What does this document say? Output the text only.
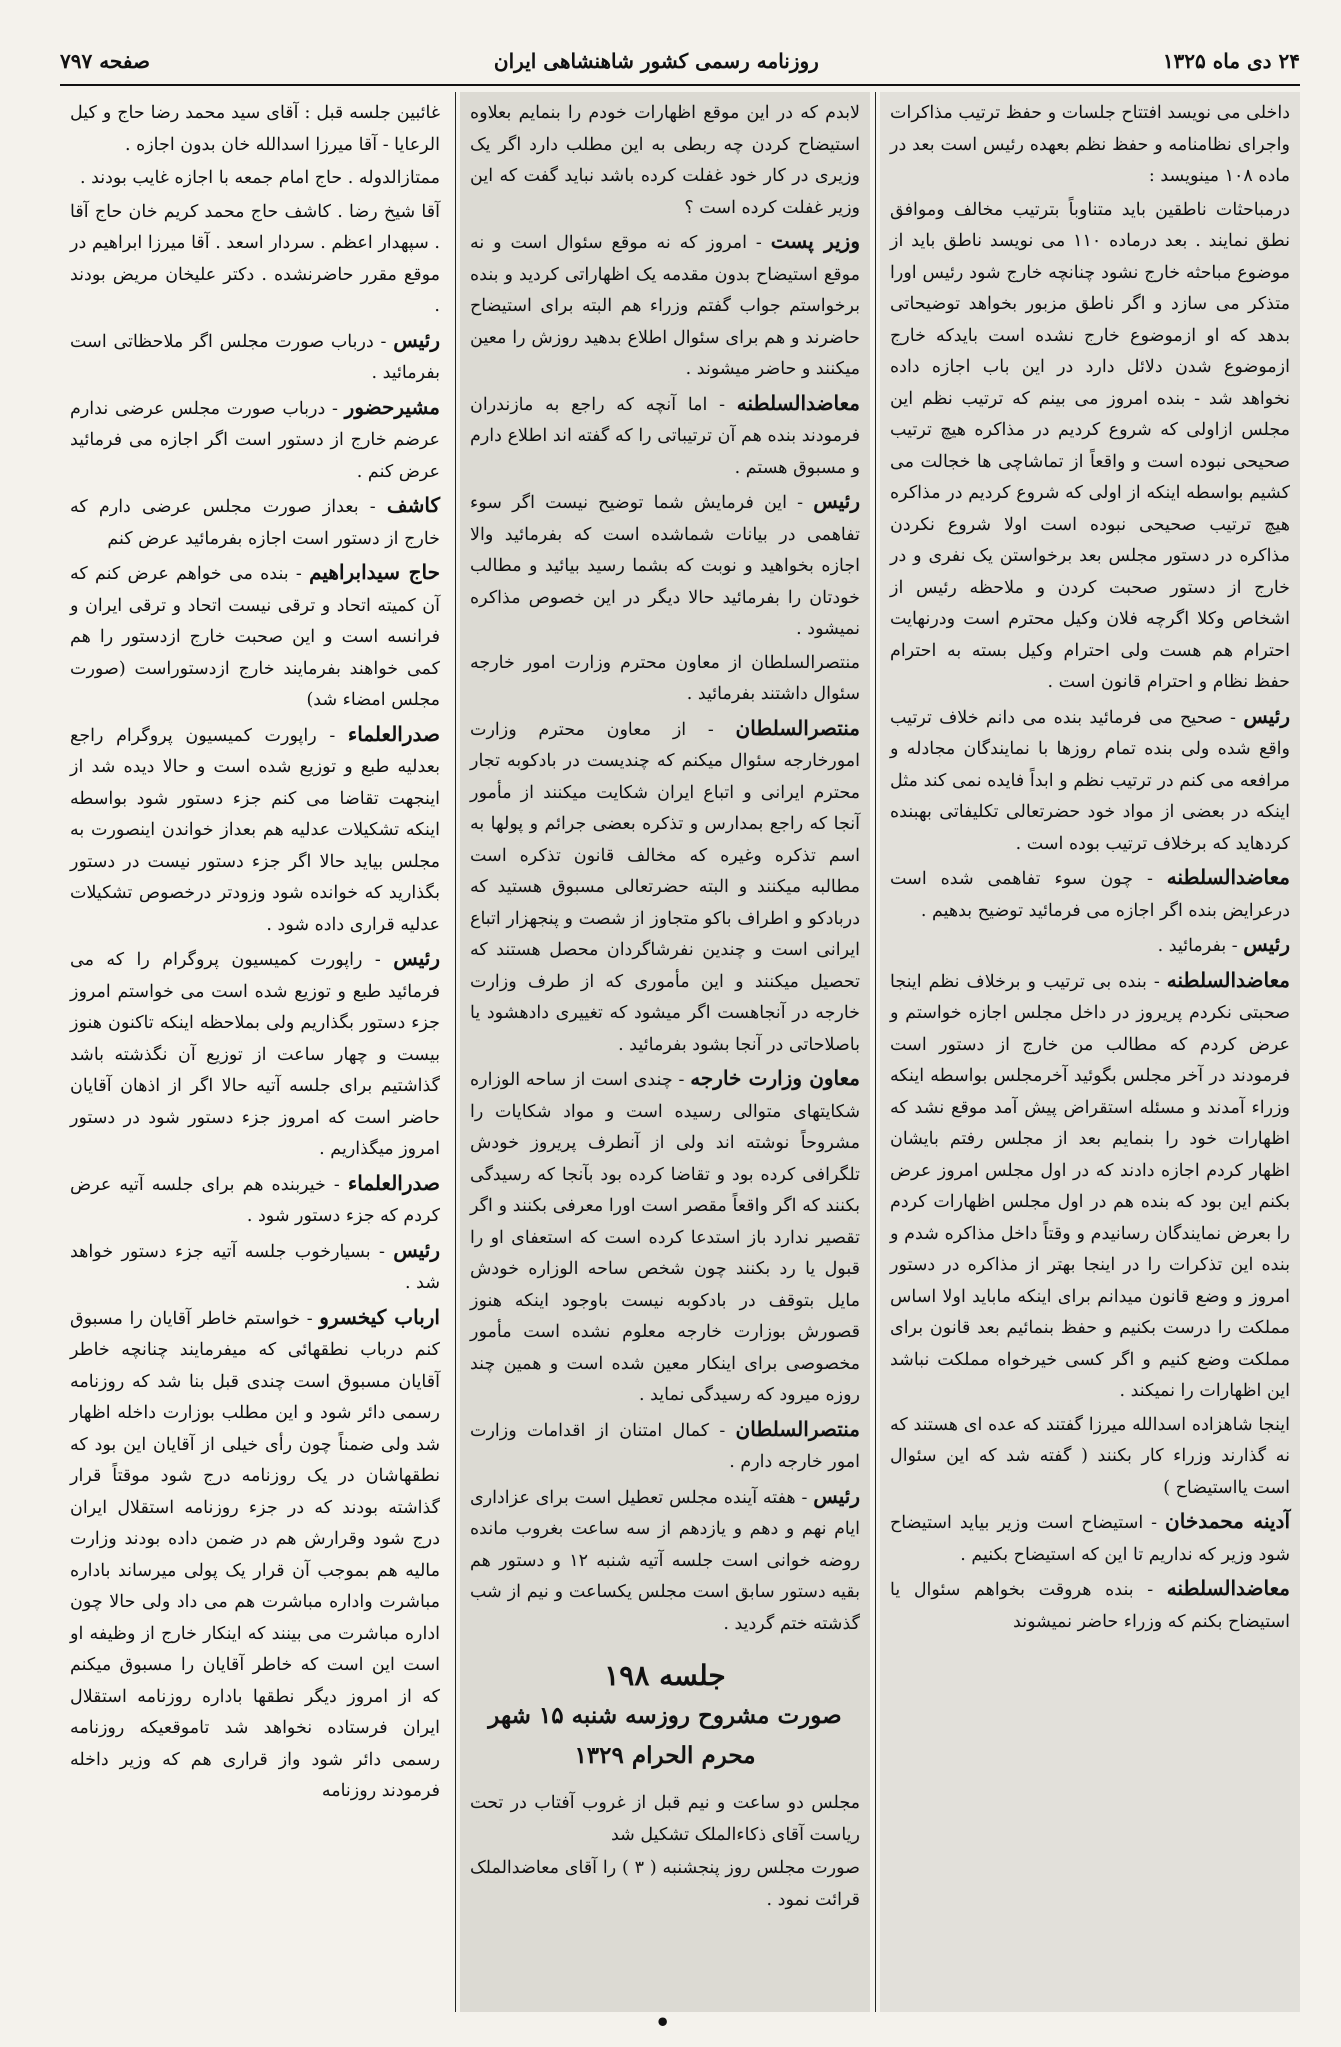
۲۴ دی ماه ۱۳۲۵
روزنامه رسمی کشور شاهنشاهی ایران
صفحه ۷۹۷

داخلی می نویسد افتتاح جلسات و حفظ ترتیب مذاکرات واجرای نظامنامه و حفظ نظم بعهده رئیس است بعد در ماده ۱۰۸ مینویسد :

درمباحثات ناطقین باید متناوباً بترتیب مخالف وموافق نطق نمایند . بعد درماده ۱۱۰ می نویسد ناطق باید از موضوع مباحثه خارج نشود چنانچه خارج شود رئیس اورا متذکر می سازد و اگر ناطق مزبور بخواهد توضیحاتی بدهد که او ازموضوع خارج نشده است بایدکه خارج ازموضوع شدن دلائل دارد در این باب اجازه داده نخواهد شد - بنده امروز می بینم که ترتیب نظم این مجلس ازاولی که شروع کردیم در مذاکره هیچ ترتیب صحیحی نبوده است و واقعاً از تماشاچی ها خجالت می کشیم بواسطه اینکه از اولی که شروع کردیم در مذاکره هیچ ترتیب صحیحی نبوده است اولا شروع نکردن مذاکره در دستور مجلس بعد برخواستن یک نفری و در خارج از دستور صحبت کردن و ملاحظه رئیس از اشخاص وکلا اگرچه فلان وکیل محترم است ودرنهایت احترام هم هست ولی احترام وکیل بسته به احترام حفظ نظام و احترام قانون است .

رئیس - صحیح می فرمائید بنده می دانم خلاف ترتیب واقع شده ولی بنده تمام روزها با نمایندگان مجادله و مرافعه می کنم در ترتیب نظم و ابداً فایده نمی کند مثل اینکه در بعضی از مواد خود حضرتعالی تکلیفاتی بهبنده کردهاید که برخلاف ترتیب بوده است .

معاضدالسلطنه - چون سوء تفاهمی شده است درعرایض بنده اگر اجازه می فرمائید توضیح بدهیم .

رئیس - بفرمائید .

معاضدالسلطنه - بنده بی ترتیب و برخلاف نظم اینجا صحبتی نکردم پریروز در داخل مجلس اجازه خواستم و عرض کردم که مطالب من خارج از دستور است فرمودند در آخر مجلس بگوئید آخرمجلس بواسطه اینکه وزراء آمدند و مسئله استقراض پیش آمد موقع نشد که اظهارات خود را بنمایم بعد از مجلس رفتم بایشان اظهار کردم اجازه دادند که در اول مجلس امروز عرض بکنم این بود که بنده هم در اول مجلس اظهارات کردم را بعرض نمایندگان رسانیدم و وقتاً داخل مذاکره شدم و بنده این تذکرات را در اینجا بهتر از مذاکره در دستور امروز و وضع قانون میدانم برای اینکه ماباید اولا اساس مملکت را درست بکنیم و حفظ بنمائیم بعد قانون برای مملکت وضع کنیم و اگر کسی خیرخواه مملکت نباشد این اظهارات را نمیکند .

اینجا شاهزاده اسدالله میرزا گفتند که عده ای هستند که نه گذارند وزراء کار بکنند ( گفته شد که این سئوال است یااستیضاح )

آدینه محمدخان - استیضاح است وزیر بیاید استیضاح شود وزیر که نداریم تا این که استیضاح بکنیم .

معاضدالسلطنه - بنده هروقت بخواهم سئوال یا استیضاح بکنم که وزراء حاضر نمیشوند

لابدم که در این موقع اظهارات خودم را بنمایم بعلاوه استیضاح کردن چه ربطی به این مطلب دارد اگر یک وزیری در کار خود غفلت کرده باشد نباید گفت که این وزیر غفلت کرده است ؟

وزیر پست - امروز که نه موقع سئوال است و نه موقع استیضاح بدون مقدمه یک اظهاراتی کردید و بنده برخواستم جواب گفتم وزراء هم البته برای استیضاح حاضرند و هم برای سئوال اطلاع بدهید روزش را معین میکنند و حاضر میشوند .

معاضدالسلطنه - اما آنچه که راجع به مازندران فرمودند بنده هم آن ترتیباتی را که گفته اند اطلاع دارم و مسبوق هستم .

رئیس - این فرمایش شما توضیح نیست اگر سوء تفاهمی در بیانات شماشده است که بفرمائید والا اجازه بخواهید و نوبت که بشما رسید بیائید و مطالب خودتان را بفرمائید حالا دیگر در این خصوص مذاکره نمیشود .

منتصرالسلطان از معاون محترم وزارت امور خارجه سئوال داشتند بفرمائید .

منتصرالسلطان - از معاون محترم وزارت امورخارجه سئوال میکنم که چندیست در بادکوبه تجار محترم ایرانی و اتباع ایران شکایت میکنند از مأمور آنجا که راجع بمدارس و تذکره بعضی جرائم و پولها به اسم تذکره وغیره که مخالف قانون تذکره است مطالبه میکنند و البته حضرتعالی مسبوق هستید که دربادکو و اطراف باکو متجاوز از شصت و پنجهزار اتباع ایرانی است و چندین نفرشاگردان محصل هستند که تحصیل میکنند و این مأموری که از طرف وزارت خارجه در آنجاهست اگر میشود که تغییری دادهشود یا باصلاحاتی در آنجا بشود بفرمائید .

معاون وزارت خارجه - چندی است از ساحه الوزاره شکایتهای متوالی رسیده است و مواد شکایات را مشروحاً نوشته اند ولی از آنطرف پریروز خودش تلگرافی کرده بود و تقاضا کرده بود بآنجا که رسیدگی بکنند که اگر واقعاً مقصر است اورا معرفی بکنند و اگر تقصیر ندارد باز استدعا کرده است که استعفای او را قبول یا رد بکنند چون شخص ساحه الوزاره خودش مایل بتوقف در بادکوبه نیست باوجود اینکه هنوز قصورش بوزارت خارجه معلوم نشده است مأمور مخصوصی برای اینکار معین شده است و همین چند روزه میرود که رسیدگی نماید .

منتصرالسلطان - کمال امتنان از اقدامات وزارت امور خارجه دارم .

رئیس - هفته آینده مجلس تعطیل است برای عزاداری ایام نهم و دهم و یازدهم از سه ساعت بغروب مانده روضه خوانی است جلسه آتیه شنبه ۱۲ و دستور هم بقیه دستور سابق است مجلس یکساعت و نیم از شب گذشته ختم گردید .

جلسه ۱۹۸
صورت مشروح روزسه شنبه ۱۵ شهر
محرم الحرام ۱۳۲۹

مجلس دو ساعت و نیم قبل از غروب آفتاب در تحت ریاست آقای ذکاءالملک تشکیل شد

صورت مجلس روز پنجشنبه ( ۳ ) را آقای معاضدالملک قرائت نمود .

غائبین جلسه قبل : آقای سید محمد رضا حاج و کیل الرعایا - آقا میرزا اسدالله خان بدون اجازه .

ممتازالدوله . حاج امام جمعه با اجازه غایب بودند .

آقا شیخ رضا . کاشف حاج محمد کریم خان حاج آقا . سپهدار اعظم . سردار اسعد . آقا میرزا ابراهیم در موقع مقرر حاضرنشده . دکتر علیخان مریض بودند .

رئیس - درباب صورت مجلس اگر ملاحظاتی است بفرمائید .

مشیرحضور - درباب صورت مجلس عرضی ندارم عرضم خارج از دستور است اگر اجازه می فرمائید عرض کنم .

کاشف - بعداز صورت مجلس عرضی دارم که خارج از دستور است اجازه بفرمائید عرض کنم

حاج سیدابراهیم - بنده می خواهم عرض کنم که آن کمیته اتحاد و ترقی نیست اتحاد و ترقی ایران و فرانسه است و این صحبت خارج ازدستور را هم کمی خواهند بفرمایند خارج ازدستوراست (صورت مجلس امضاء شد)

صدرالعلماء - راپورت کمیسیون پروگرام راجع بعدلیه طبع و توزیع شده است و حالا دیده شد از اینجهت تقاضا می کنم جزء دستور شود بواسطه اینکه تشکیلات عدلیه هم بعداز خواندن اینصورت به مجلس بیاید حالا اگر جزء دستور نیست در دستور بگذارید که خوانده شود وزودتر درخصوص تشکیلات عدلیه قراری داده شود .

رئیس - راپورت کمیسیون پروگرام را که می فرمائید طبع و توزیع شده است می خواستم امروز جزء دستور بگذاریم ولی بملاحظه اینکه تاکنون هنوز بیست و چهار ساعت از توزیع آن نگذشته باشد گذاشتیم برای جلسه آتیه حالا اگر از اذهان آقایان حاضر است که امروز جزء دستور شود در دستور امروز میگذاریم .

صدرالعلماء - خیربنده هم برای جلسه آتیه عرض کردم که جزء دستور شود .

رئیس - بسیارخوب جلسه آتیه جزء دستور خواهد شد .

ارباب کیخسرو - خواستم خاطر آقایان را مسبوق کنم درباب نطقهائی که میفرمایند چنانچه خاطر آقایان مسبوق است چندی قبل بنا شد که روزنامه رسمی دائر شود و این مطلب بوزارت داخله اظهار شد ولی ضمناً چون رأی خیلی از آقایان این بود که نطقهاشان در یک روزنامه درج شود موقتاً قرار گذاشته بودند که در جزء روزنامه استقلال ایران درج شود وقرارش هم در ضمن داده بودند وزارت مالیه هم بموجب آن قرار یک پولی میرساند باداره مباشرت واداره مباشرت هم می داد ولی حالا چون اداره مباشرت می بینند که اینکار خارج از وظیفه او است این است که خاطر آقایان را مسبوق میکنم که از امروز دیگر نطقها باداره روزنامه استقلال ایران فرستاده نخواهد شد تاموقعیکه روزنامه رسمی دائر شود واز قراری هم که وزیر داخله فرمودند روزنامه

•
